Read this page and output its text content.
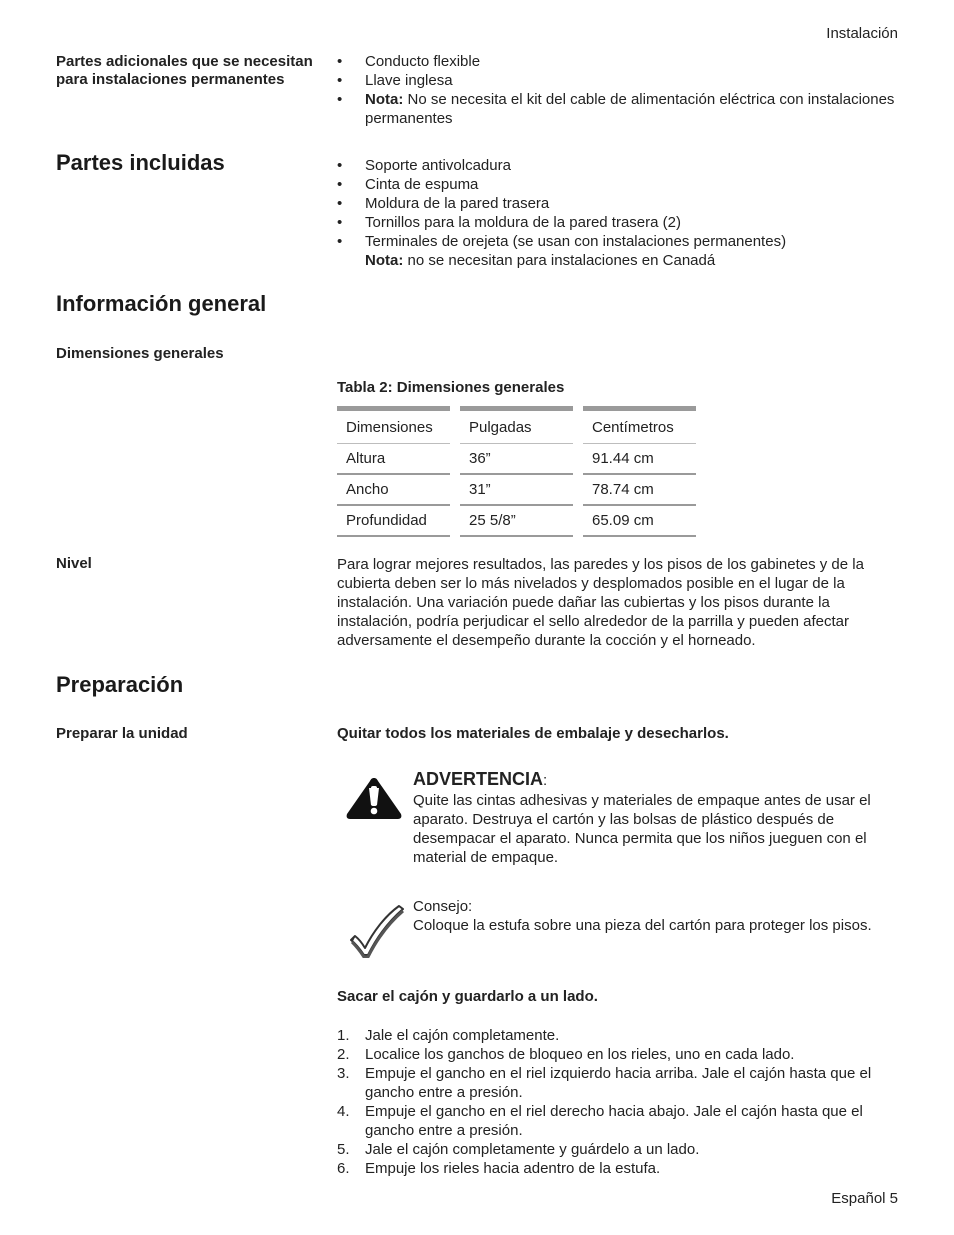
Instalación
Partes adicionales que se necesitan para instalaciones permanentes
• Conducto flexible
• Llave inglesa
• Nota: No se necesita el kit del cable de alimentación eléctrica con instalaciones permanentes
Partes incluidas	• Soporte antivolcadura
• Cinta de espuma
• Moldura de la pared trasera
• Tornillos para la moldura de la pared trasera (2)
• Terminales de orejeta (se usan con instalaciones permanentes)
Nota: no se necesitan para instalaciones en Canadá
Información general
Dimensiones generales
Tabla 2: Dimensiones generales
Dimensiones	Pulgadas	Centímetros
Altura	36”	91.44 cm
Ancho	31”	78.74 cm
Profundidad	25 5/8”	65.09 cm
Nivel	Para lograr mejores resultados, las paredes y los pisos de los gabinetes y de la cubierta deben ser lo más nivelados y desplomados posible en el lugar de la instalación. Una variación puede dañar las cubiertas y los pisos durante la instalación, podría perjudicar el sello alrededor de la parrilla y pueden afectar adversamente el desempeño durante la cocción y el horneado.
Preparación
Preparar la unidad	Quitar todos los materiales de embalaje y desecharlos.
ADVERTENCIA:
Quite las cintas adhesivas y materiales de empaque antes de usar el aparato. Destruya el cartón y las bolsas de plástico después de desempacar el aparato. Nunca permita que los niños jueguen con el material de empaque.
Consejo:
Coloque la estufa sobre una pieza del cartón para proteger los pisos.
Sacar el cajón y guardarlo a un lado.
1. Jale el cajón completamente.
2. Localice los ganchos de bloqueo en los rieles, uno en cada lado.
3. Empuje el gancho en el riel izquierdo hacia arriba. Jale el cajón hasta que el gancho entre a presión.
4. Empuje el gancho en el riel derecho hacia abajo. Jale el cajón hasta que el gancho entre a presión.
5. Jale el cajón completamente y guárdelo a un lado.
6. Empuje los rieles hacia adentro de la estufa.
Español 5
